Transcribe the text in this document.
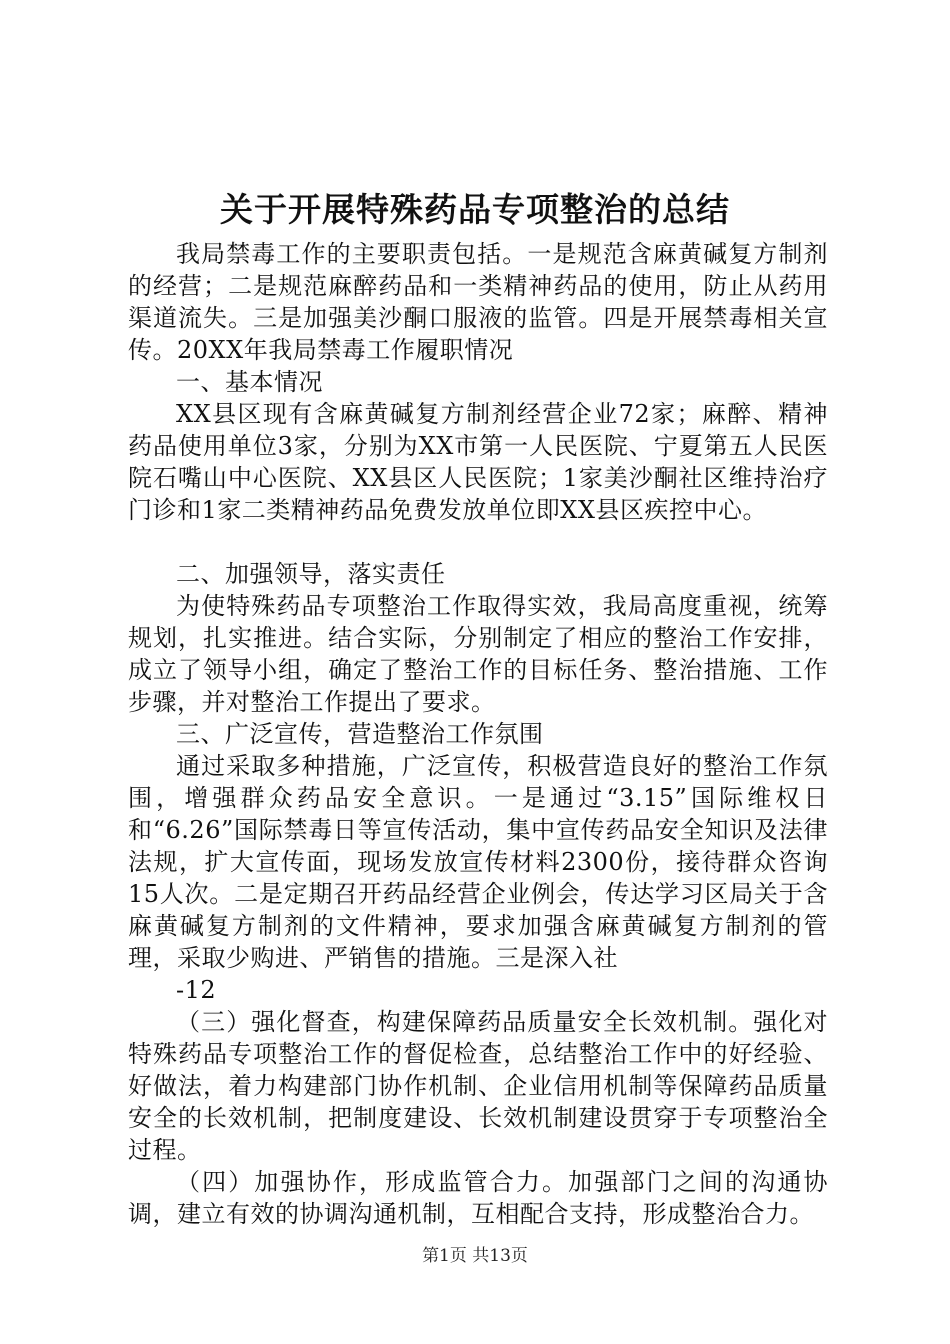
关于开展特殊药品专项整治的总结

我局禁毒工作的主要职责包括。一是规范含麻黄碱复方制剂的经营；二是规范麻醉药品和一类精神药品的使用，防止从药用渠道流失。三是加强美沙酮口服液的监管。四是开展禁毒相关宣传。20XX年我局禁毒工作履职情况

一、基本情况

XX县区现有含麻黄碱复方制剂经营企业72家；麻醉、精神药品使用单位3家，分别为XX市第一人民医院、宁夏第五人民医院石嘴山中心医院、XX县区人民医院；1家美沙酮社区维持治疗门诊和1家二类精神药品免费发放单位即XX县区疾控中心。

二、加强领导，落实责任

为使特殊药品专项整治工作取得实效，我局高度重视，统筹规划，扎实推进。结合实际，分别制定了相应的整治工作安排，成立了领导小组，确定了整治工作的目标任务、整治措施、工作步骤，并对整治工作提出了要求。

三、广泛宣传，营造整治工作氛围

通过采取多种措施，广泛宣传，积极营造良好的整治工作氛围，增强群众药品安全意识。一是通过“3.15”国际维权日和“6.26”国际禁毒日等宣传活动，集中宣传药品安全知识及法律法规，扩大宣传面，现场发放宣传材料2300份，接待群众咨询15人次。二是定期召开药品经营企业例会，传达学习区局关于含麻黄碱复方制剂的文件精神，要求加强含麻黄碱复方制剂的管理，采取少购进、严销售的措施。三是深入社

-12

（三）强化督查，构建保障药品质量安全长效机制。强化对特殊药品专项整治工作的督促检查，总结整治工作中的好经验、好做法，着力构建部门协作机制、企业信用机制等保障药品质量安全的长效机制，把制度建设、长效机制建设贯穿于专项整治全过程。

（四）加强协作，形成监管合力。加强部门之间的沟通协调，建立有效的协调沟通机制，互相配合支持，形成整治合力。

第1页 共13页
